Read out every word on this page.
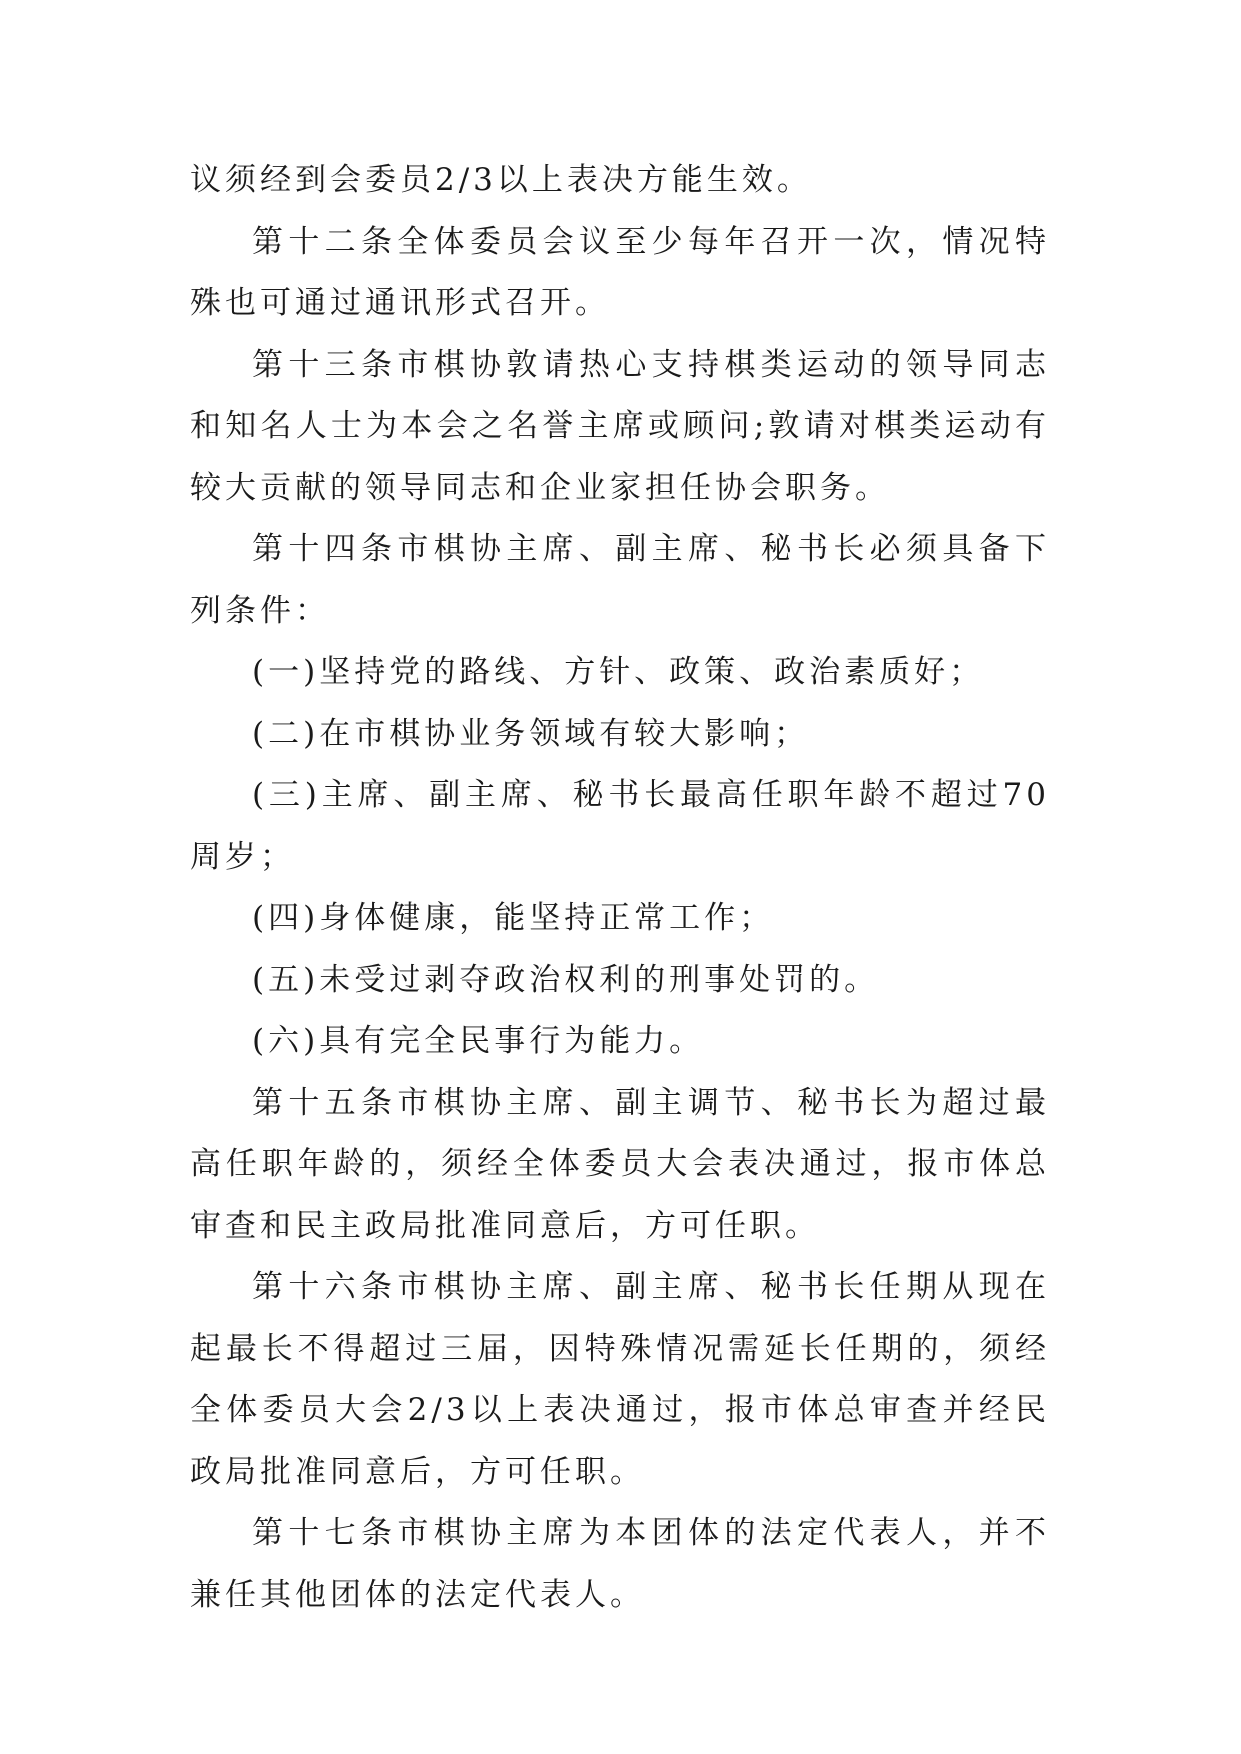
议须经到会委员2/3以上表决方能生效。

第十二条全体委员会议至少每年召开一次，情况特殊也可通过通讯形式召开。

第十三条市棋协敦请热心支持棋类运动的领导同志和知名人士为本会之名誉主席或顾问;敦请对棋类运动有较大贡献的领导同志和企业家担任协会职务。

第十四条市棋协主席、副主席、秘书长必须具备下列条件：

(一)坚持党的路线、方针、政策、政治素质好；

(二)在市棋协业务领域有较大影响；

(三)主席、副主席、秘书长最高任职年龄不超过70周岁；

(四)身体健康，能坚持正常工作；

(五)未受过剥夺政治权利的刑事处罚的。

(六)具有完全民事行为能力。

第十五条市棋协主席、副主调节、秘书长为超过最高任职年龄的，须经全体委员大会表决通过，报市体总审查和民主政局批准同意后，方可任职。

第十六条市棋协主席、副主席、秘书长任期从现在起最长不得超过三届，因特殊情况需延长任期的，须经全体委员大会2/3以上表决通过，报市体总审查并经民政局批准同意后，方可任职。

第十七条市棋协主席为本团体的法定代表人，并不兼任其他团体的法定代表人。
